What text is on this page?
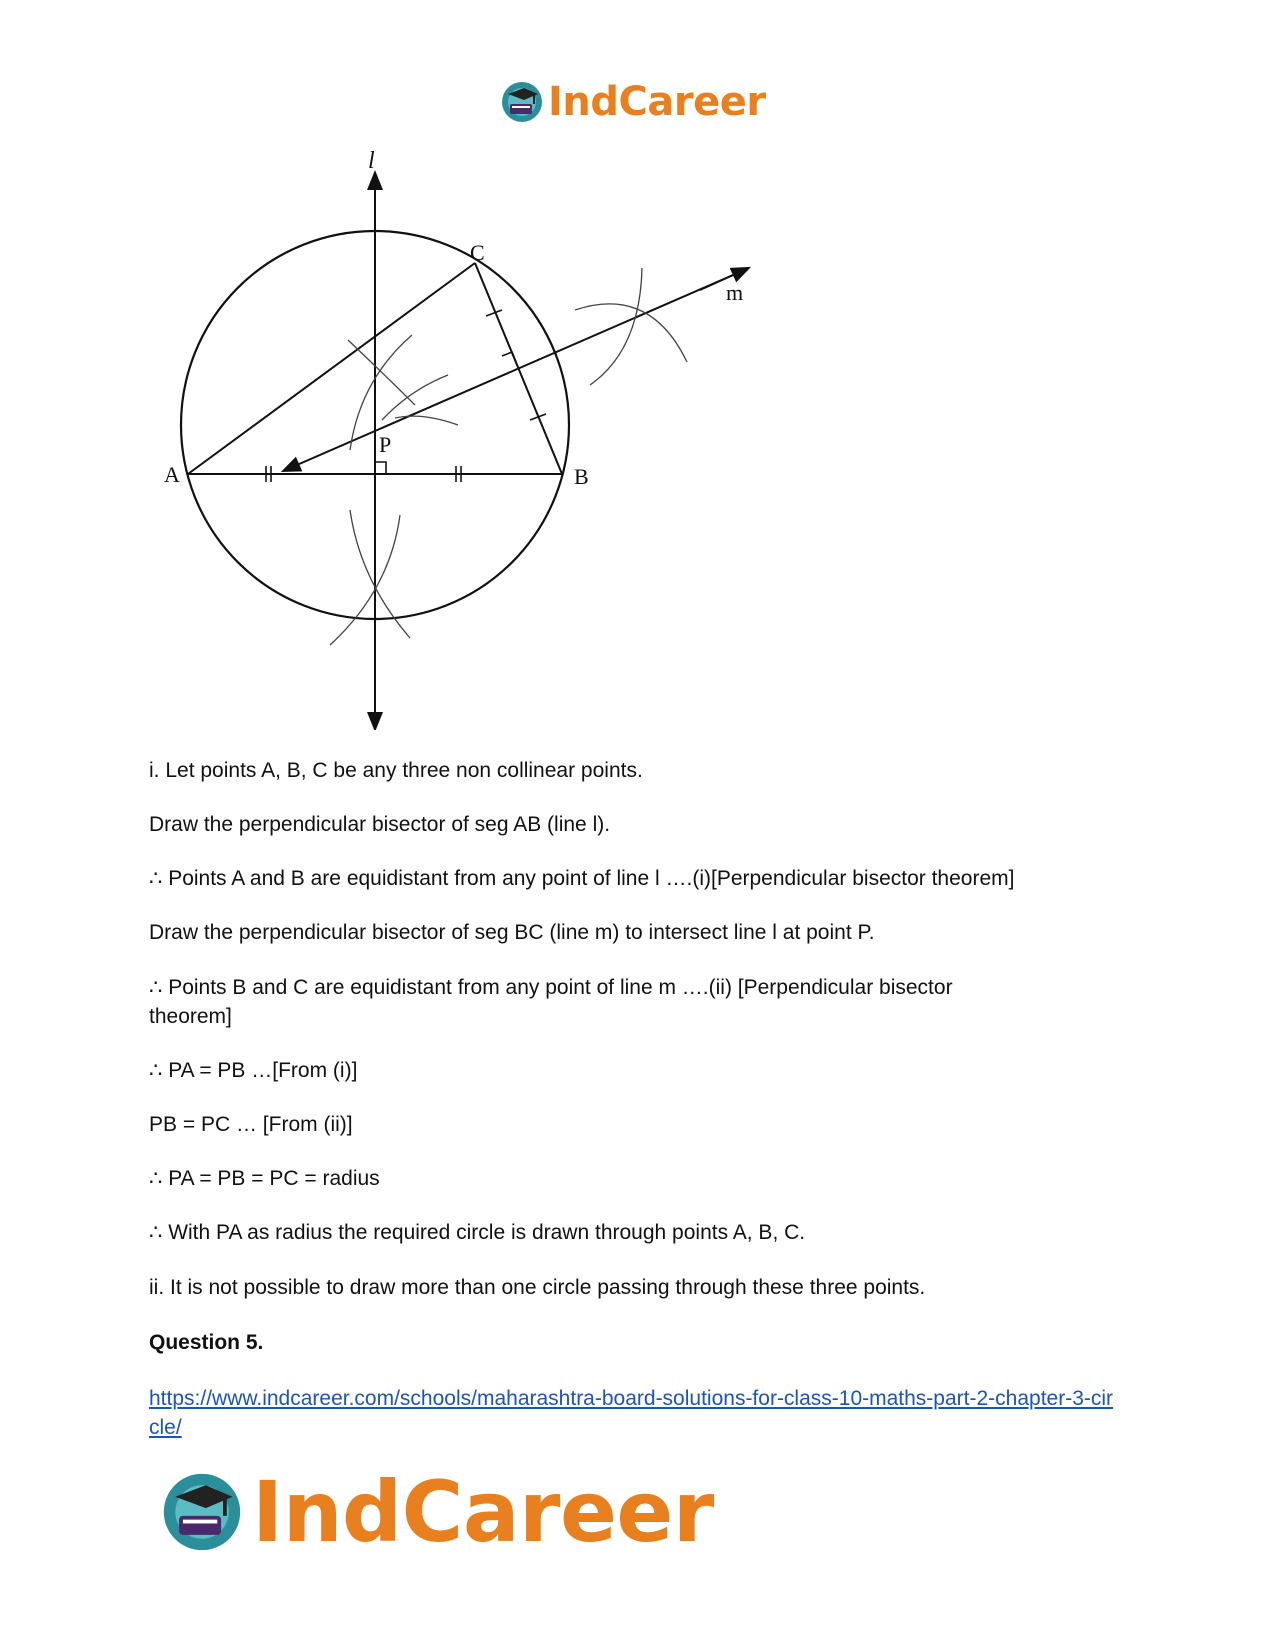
IndCareer
l
m
A	B
C
P

i. Let points A, B, C be any three non collinear points.

Draw the perpendicular bisector of seg AB (line l).

∴ Points A and B are equidistant from any point of line l ….(i)[Perpendicular bisector theorem]

Draw the perpendicular bisector of seg BC (line m) to intersect line l at point P.

∴ Points B and C are equidistant from any point of line m ….(ii) [Perpendicular bisector theorem]

∴ PA = PB …[From (i)]

PB = PC … [From (ii)]

∴ PA = PB = PC = radius

∴ With PA as radius the required circle is drawn through points A, B, C.

ii. It is not possible to draw more than one circle passing through these three points.

Question 5.

https://www.indcareer.com/schools/maharashtra-board-solutions-for-class-10-maths-part-2-chapter-3-circle/
IndCareer
